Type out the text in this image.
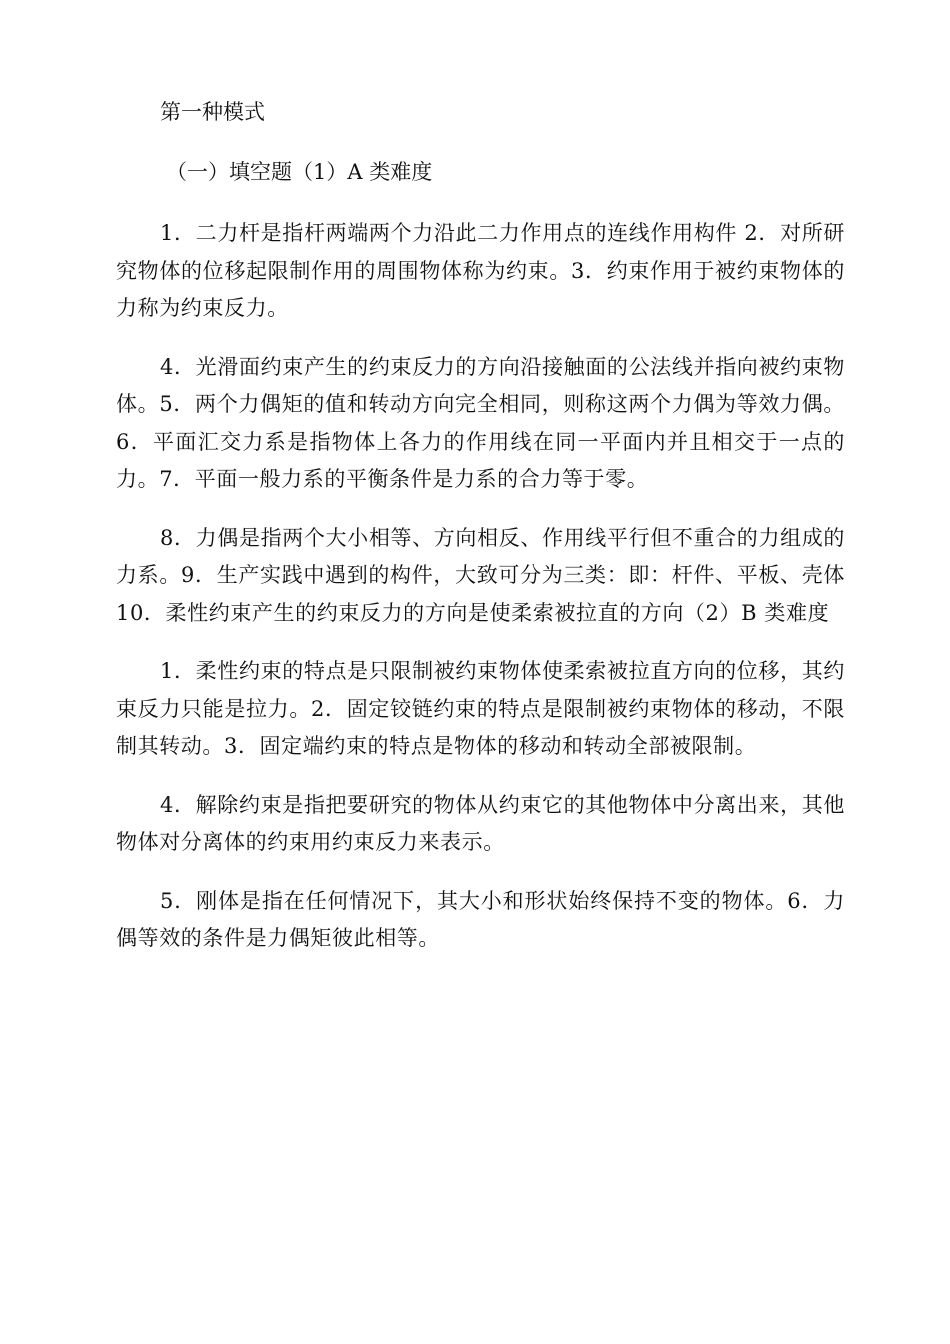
第一种模式

（一）填空题（1）A 类难度

1．二力杆是指杆两端两个力沿此二力作用点的连线作用构件 2．对所研究物体的位移起限制作用的周围物体称为约束。3．约束作用于被约束物体的力称为约束反力。

4．光滑面约束产生的约束反力的方向沿接触面的公法线并指向被约束物体。5．两个力偶矩的值和转动方向完全相同，则称这两个力偶为等效力偶。6．平面汇交力系是指物体上各力的作用线在同一平面内并且相交于一点的力。7．平面一般力系的平衡条件是力系的合力等于零。

8．力偶是指两个大小相等、方向相反、作用线平行但不重合的力组成的力系。9．生产实践中遇到的构件，大致可分为三类：即：杆件、平板、壳体 10．柔性约束产生的约束反力的方向是使柔索被拉直的方向（2）B 类难度

1．柔性约束的特点是只限制被约束物体使柔索被拉直方向的位移，其约束反力只能是拉力。2．固定铰链约束的特点是限制被约束物体的移动，不限制其转动。3．固定端约束的特点是物体的移动和转动全部被限制。

4．解除约束是指把要研究的物体从约束它的其他物体中分离出来，其他物体对分离体的约束用约束反力来表示。

5．刚体是指在任何情况下，其大小和形状始终保持不变的物体。6．力偶等效的条件是力偶矩彼此相等。
